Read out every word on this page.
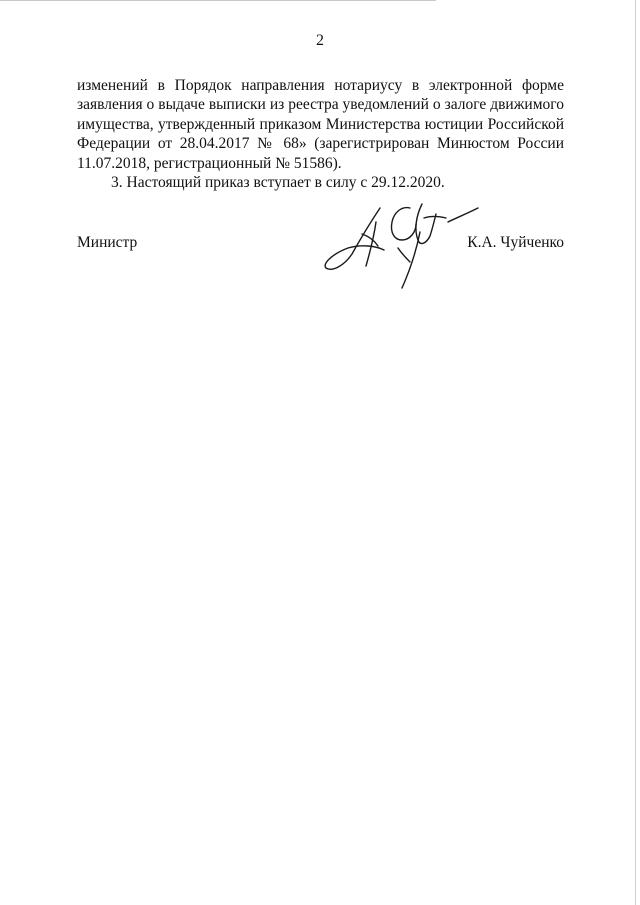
2

изменений в Порядок направления нотариусу в электронной форме заявления о выдаче выписки из реестра уведомлений о залоге движимого имущества, утвержденный приказом Министерства юстиции Российской Федерации от 28.04.2017 № 68» (зарегистрирован Минюстом России 11.07.2018, регистрационный № 51586).

3. Настоящий приказ вступает в силу с 29.12.2020.

Министр	К.А. Чуйченко
